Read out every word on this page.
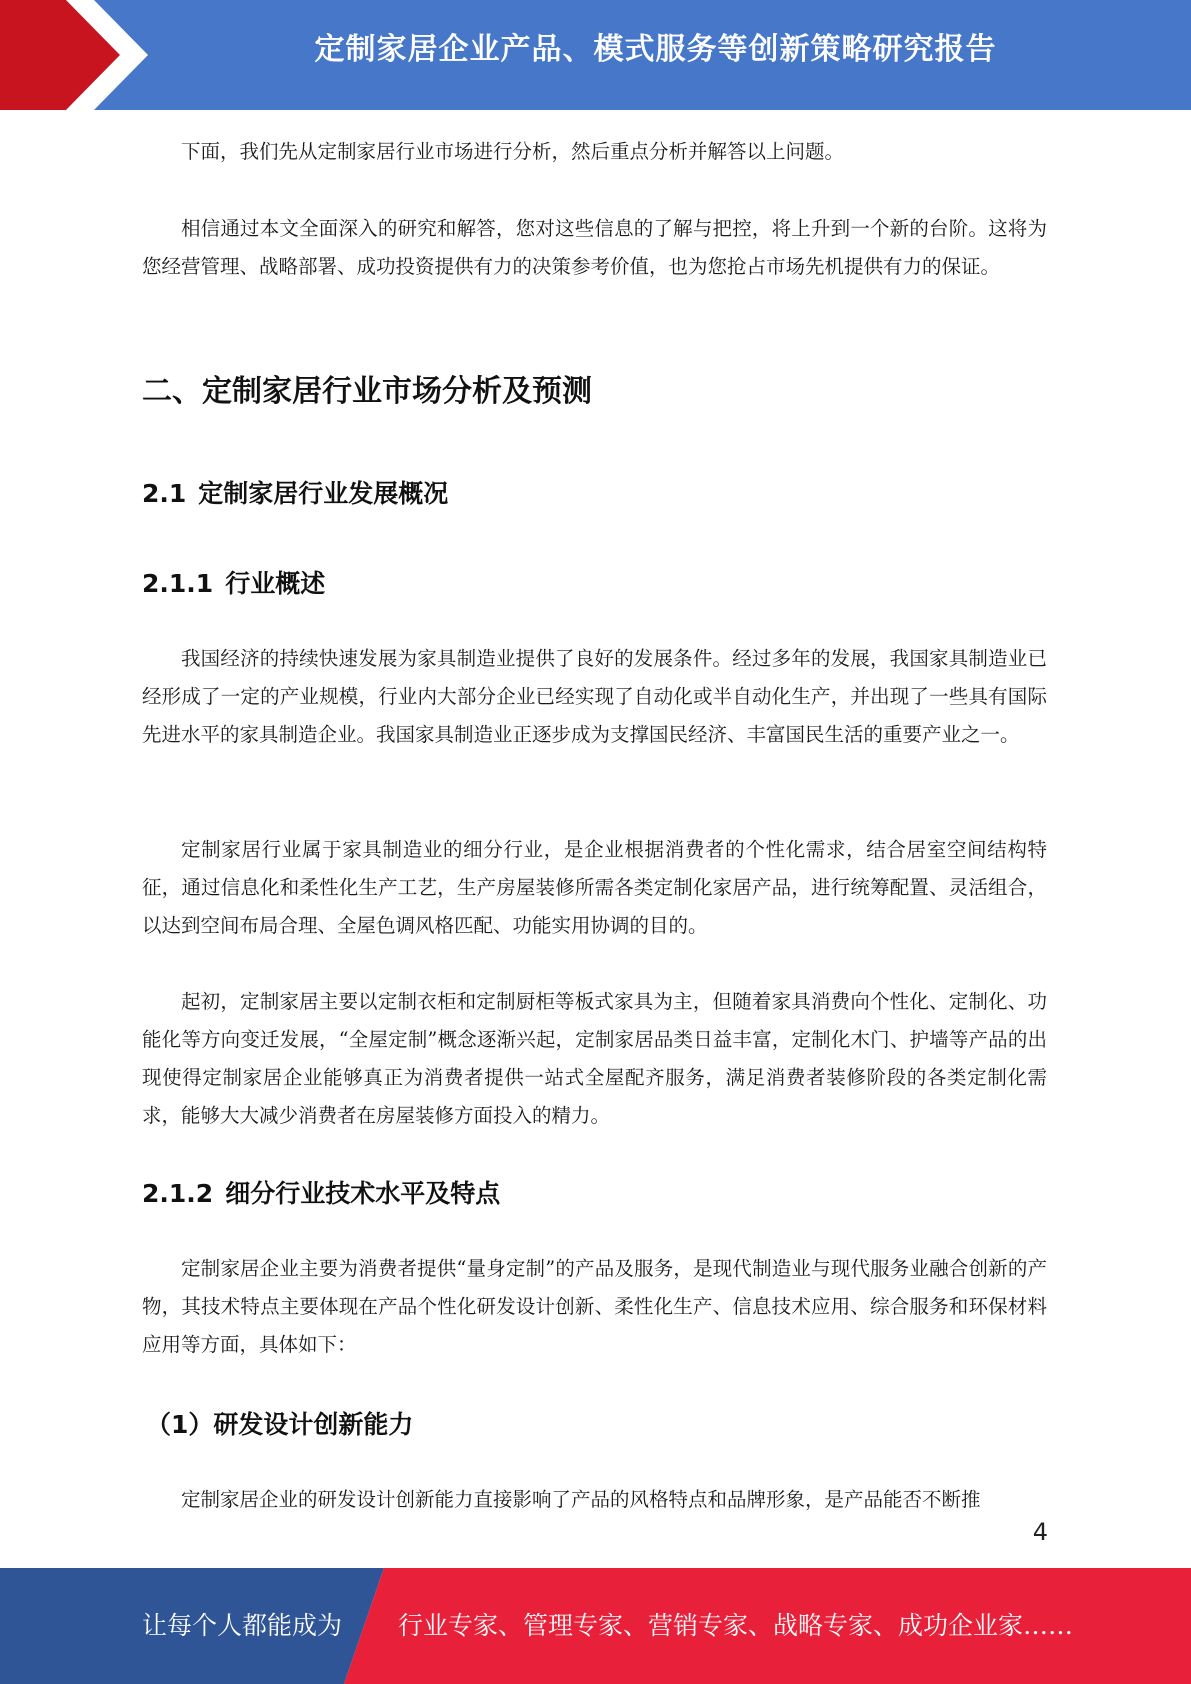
定制家居企业产品、模式服务等创新策略研究报告

下面，我们先从定制家居行业市场进行分析，然后重点分析并解答以上问题。

相信通过本文全面深入的研究和解答，您对这些信息的了解与把控，将上升到一个新的台阶。这将为您经营管理、战略部署、成功投资提供有力的决策参考价值，也为您抢占市场先机提供有力的保证。

二、定制家居行业市场分析及预测
2.1 定制家居行业发展概况
2.1.1 行业概述

我国经济的持续快速发展为家具制造业提供了良好的发展条件。经过多年的发展，我国家具制造业已经形成了一定的产业规模，行业内大部分企业已经实现了自动化或半自动化生产，并出现了一些具有国际先进水平的家具制造企业。我国家具制造业正逐步成为支撑国民经济、丰富国民生活的重要产业之一。

定制家居行业属于家具制造业的细分行业，是企业根据消费者的个性化需求，结合居室空间结构特征，通过信息化和柔性化生产工艺，生产房屋装修所需各类定制化家居产品，进行统筹配置、灵活组合，以达到空间布局合理、全屋色调风格匹配、功能实用协调的目的。

起初，定制家居主要以定制衣柜和定制厨柜等板式家具为主，但随着家具消费向个性化、定制化、功能化等方向变迁发展，“全屋定制”概念逐渐兴起，定制家居品类日益丰富，定制化木门、护墙等产品的出现使得定制家居企业能够真正为消费者提供一站式全屋配齐服务，满足消费者装修阶段的各类定制化需求，能够大大减少消费者在房屋装修方面投入的精力。

2.1.2 细分行业技术水平及特点

定制家居企业主要为消费者提供“量身定制”的产品及服务，是现代制造业与现代服务业融合创新的产物，其技术特点主要体现在产品个性化研发设计创新、柔性化生产、信息技术应用、综合服务和环保材料应用等方面，具体如下：

（1）研发设计创新能力

定制家居企业的研发设计创新能力直接影响了产品的风格特点和品牌形象，是产品能否不断推

4
让每个人都能成为 行业专家、管理专家、营销专家、战略专家、成功企业家……
